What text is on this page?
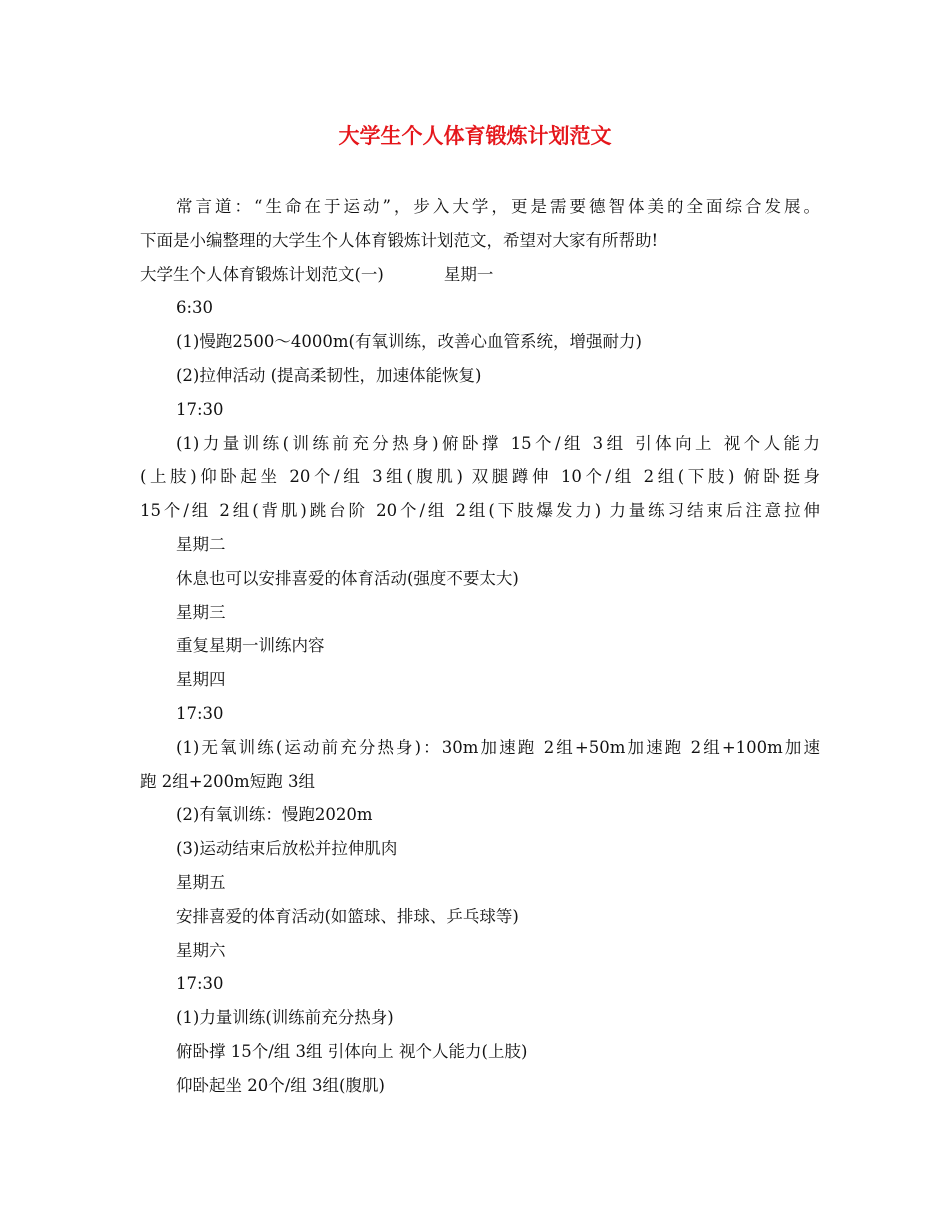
大学生个人体育锻炼计划范文

常言道：“生命在于运动”，步入大学，更是需要德智体美的全面综合发展。

下面是小编整理的大学生个人体育锻炼计划范文，希望对大家有所帮助!

大学生个人体育锻炼计划范文(一)	星期一

6:30

(1)慢跑2500～4000m(有氧训练，改善心血管系统，增强耐力)

(2)拉伸活动 (提高柔韧性，加速体能恢复)

17:30

(1)力量训练(训练前充分热身)俯卧撑 15个/组 3组 引体向上 视个人能力

(上肢)仰卧起坐 20个/组 3组(腹肌) 双腿蹲伸 10个/组 2组(下肢) 俯卧挺身

15个/组 2组(背肌)跳台阶 20个/组 2组(下肢爆发力) 力量练习结束后注意拉伸

星期二

休息也可以安排喜爱的体育活动(强度不要太大)

星期三

重复星期一训练内容

星期四

17:30

(1)无氧训练(运动前充分热身)：30m加速跑 2组+50m加速跑 2组+100m加速

跑 2组+200m短跑 3组

(2)有氧训练：慢跑2020m

(3)运动结束后放松并拉伸肌肉

星期五

安排喜爱的体育活动(如篮球、排球、乒乓球等)

星期六

17:30

(1)力量训练(训练前充分热身)

俯卧撑 15个/组 3组 引体向上 视个人能力(上肢)

仰卧起坐 20个/组 3组(腹肌)
